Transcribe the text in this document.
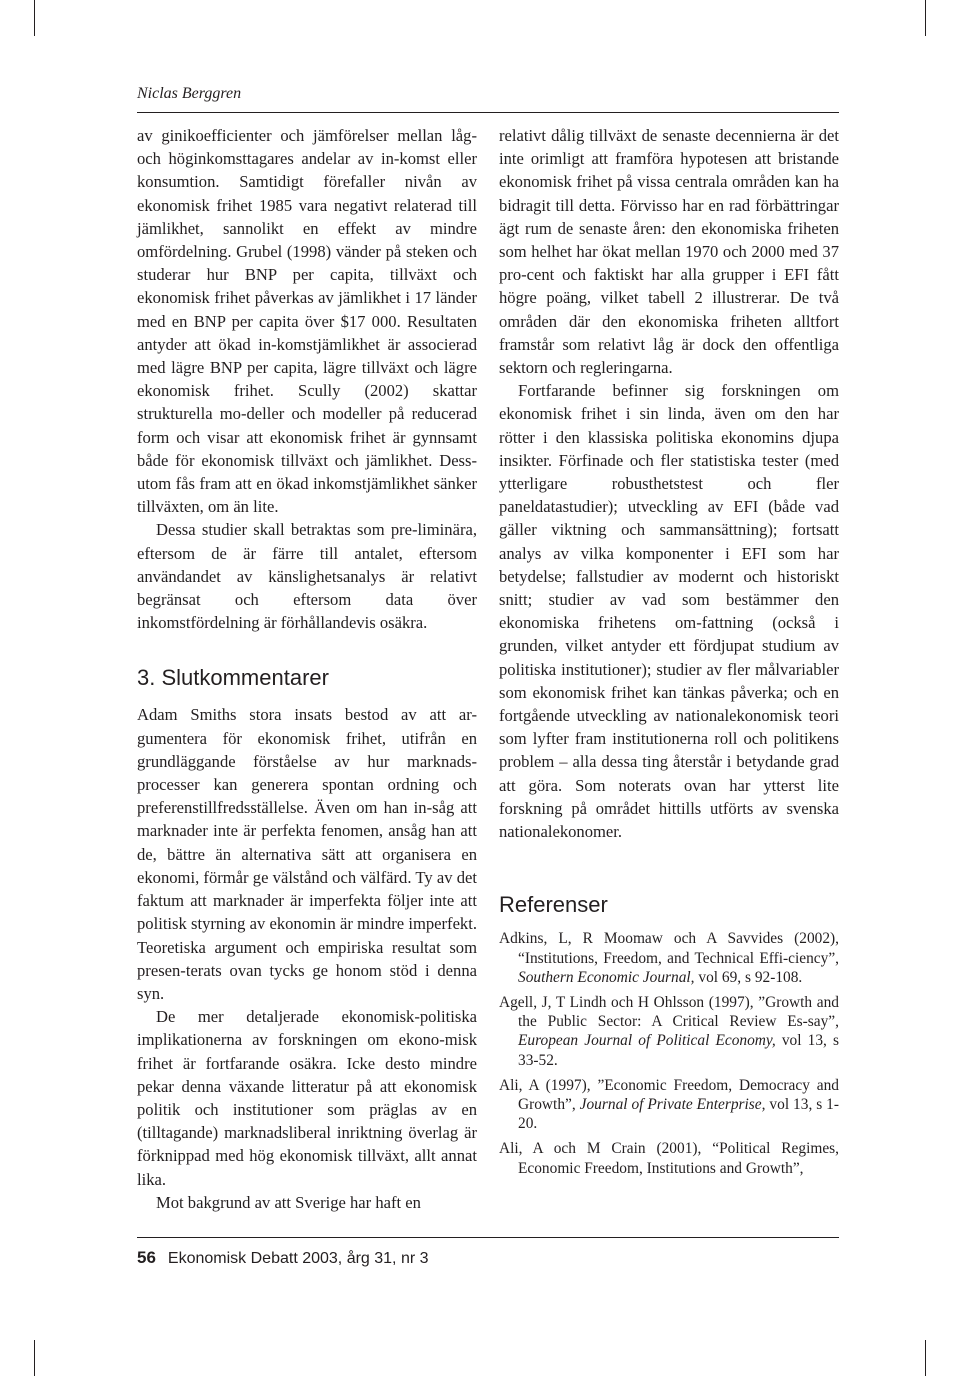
Niclas Berggren

av ginikoefficienter och jämförelser mellan låg- och höginkomsttagares andelar av in-komst eller konsumtion. Samtidigt förefaller nivån av ekonomisk frihet 1985 vara negativt relaterad till jämlikhet, sannolikt en effekt av mindre omfördelning. Grubel (1998) vänder på steken och studerar hur BNP per capita, tillväxt och ekonomisk frihet påverkas av jämlikhet i 17 länder med en BNP per capita över $17 000. Resultaten antyder att ökad in-komstjämlikhet är associerad med lägre BNP per capita, lägre tillväxt och lägre ekonomisk frihet. Scully (2002) skattar strukturella mo-deller och modeller på reducerad form och visar att ekonomisk frihet är gynnsamt både för ekonomisk tillväxt och jämlikhet. Dess-utom fås fram att en ökad inkomstjämlikhet sänker tillväxten, om än lite.

Dessa studier skall betraktas som pre-liminära, eftersom de är färre till antalet, eftersom användandet av känslighetsanalys är relativt begränsat och eftersom data över inkomstfördelning är förhållandevis osäkra.

3. Slutkommentarer

Adam Smiths stora insats bestod av att ar-gumentera för ekonomisk frihet, utifrån en grundläggande förståelse av hur marknads-processer kan generera spontan ordning och preferenstillfredsställelse. Även om han in-såg att marknader inte är perfekta fenomen, ansåg han att de, bättre än alternativa sätt att organisera en ekonomi, förmår ge välstånd och välfärd. Ty av det faktum att marknader är imperfekta följer inte att politisk styrning av ekonomin är mindre imperfekt. Teoretiska argument och empiriska resultat som presen-terats ovan tycks ge honom stöd i denna syn.

De mer detaljerade ekonomisk-politiska implikationerna av forskningen om ekono-misk frihet är fortfarande osäkra. Icke desto mindre pekar denna växande litteratur på att ekonomisk politik och institutioner som präglas av en (tilltagande) marknadsliberal inriktning överlag är förknippad med hög ekonomisk tillväxt, allt annat lika.

Mot bakgrund av att Sverige har haft en

relativt dålig tillväxt de senaste decennierna är det inte orimligt att framföra hypotesen att bristande ekonomisk frihet på vissa centrala områden kan ha bidragit till detta. Förvisso har en rad förbättringar ägt rum de senaste åren: den ekonomiska friheten som helhet har ökat mellan 1970 och 2000 med 37 pro-cent och faktiskt har alla grupper i EFI fått högre poäng, vilket tabell 2 illustrerar. De två områden där den ekonomiska friheten alltfort framstår som relativt låg är dock den offentliga sektorn och regleringarna.

Fortfarande befinner sig forskningen om ekonomisk frihet i sin linda, även om den har rötter i den klassiska politiska ekonomins djupa insikter. Förfinade och fler statistiska tester (med ytterligare robusthetstest och fler paneldatastudier); utveckling av EFI (både vad gäller viktning och sammansättning); fortsatt analys av vilka komponenter i EFI som har betydelse; fallstudier av modernt och historiskt snitt; studier av vad som bestämmer den ekonomiska frihetens om-fattning (också i grunden, vilket antyder ett fördjupat studium av politiska institutioner); studier av fler målvariabler som ekonomisk frihet kan tänkas påverka; och en fortgående utveckling av nationalekonomisk teori som lyfter fram institutionerna roll och politikens problem – alla dessa ting återstår i betydande grad att göra. Som noterats ovan har ytterst lite forskning på området hittills utförts av svenska nationalekonomer.

Referenser

Adkins, L, R Moomaw och A Savvides (2002), “Institutions, Freedom, and Technical Effi-ciency”, Southern Economic Journal, vol 69, s 92-108.

Agell, J, T Lindh och H Ohlsson (1997), ”Growth and the Public Sector: A Critical Review Es-say”, European Journal of Political Economy, vol 13, s 33-52.

Ali, A (1997), ”Economic Freedom, Democracy and Growth”, Journal of Private Enterprise, vol 13, s 1-20.

Ali, A och M Crain (2001), “Political Regimes, Economic Freedom, Institutions and Growth”,

56 Ekonomisk Debatt 2003, årg 31, nr 3
